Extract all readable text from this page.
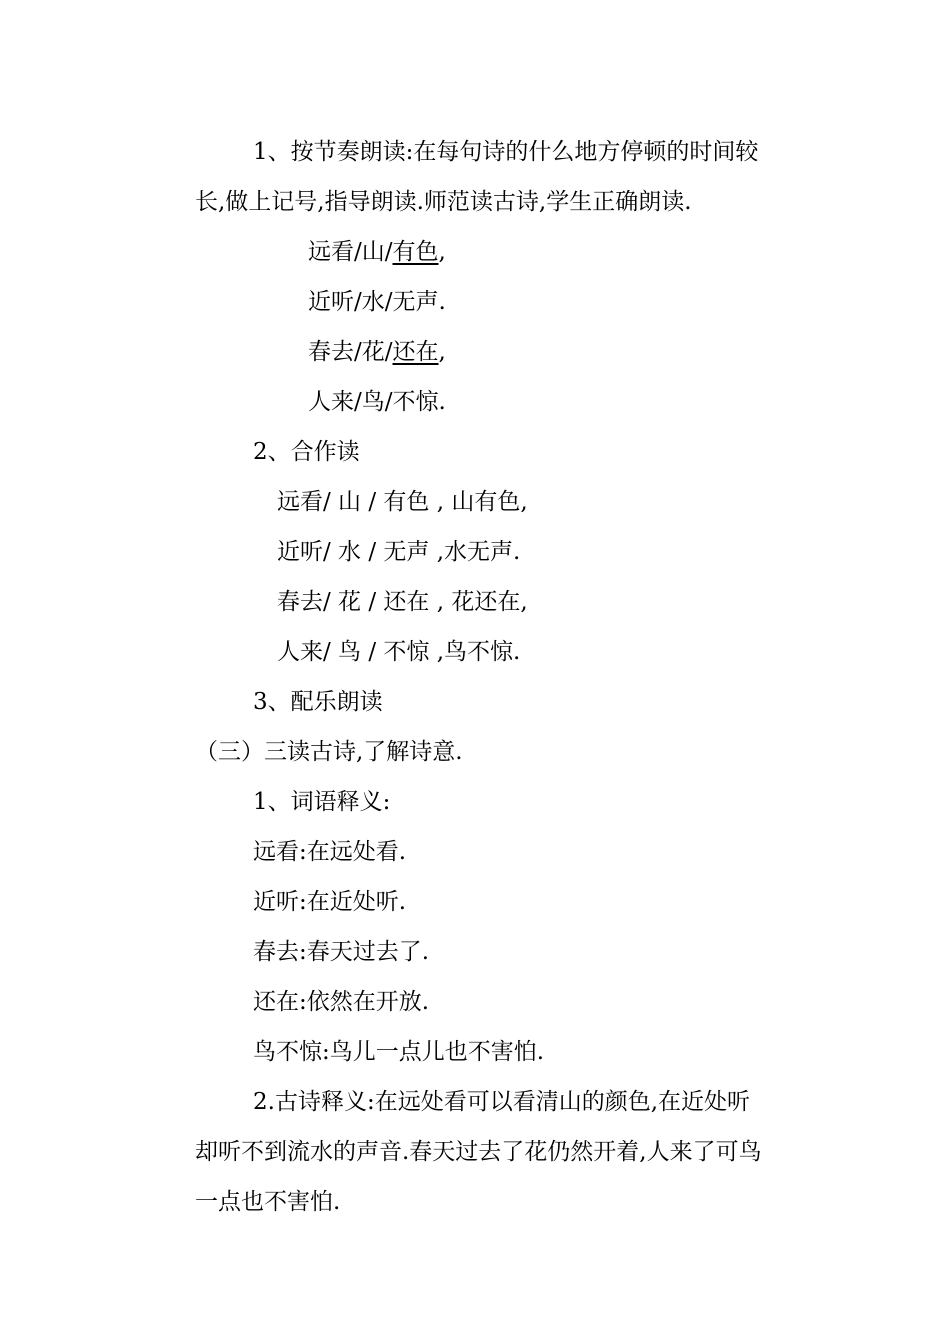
1、按节奏朗读:在每句诗的什么地方停顿的时间较
长,做上记号,指导朗读.师范读古诗,学生正确朗读.
远看/山/有色,
近听/水/无声.
春去/花/还在,
人来/鸟/不惊.
2、合作读
远看/ 山 / 有色 , 山有色,
近听/ 水 / 无声 ,水无声.
春去/ 花 / 还在 , 花还在,
人来/ 鸟 / 不惊 ,鸟不惊.
3、配乐朗读
（三）三读古诗,了解诗意.
1、词语释义:
远看:在远处看.
近听:在近处听.
春去:春天过去了.
还在:依然在开放.
鸟不惊:鸟儿一点儿也不害怕.
2.古诗释义:在远处看可以看清山的颜色,在近处听
却听不到流水的声音.春天过去了花仍然开着,人来了可鸟
一点也不害怕.
